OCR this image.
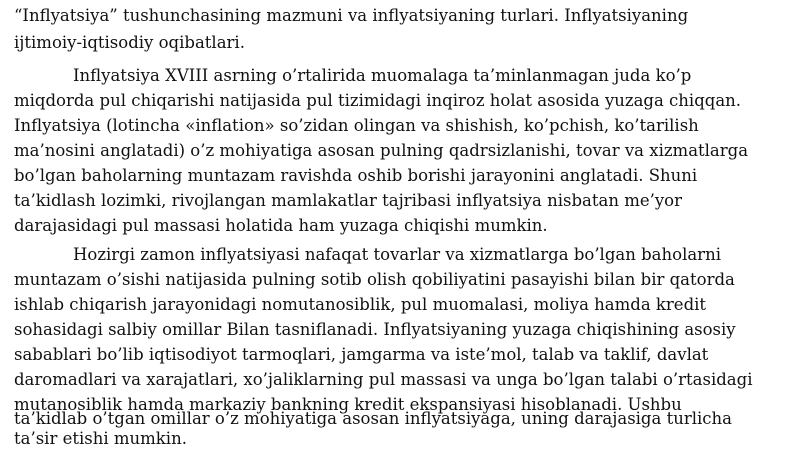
“Inflyatsiya” tushunchasining mazmuni va inflyatsiyaning turlari. Inflyatsiyaning
ijtimoiy-iqtisodiy oqibatlari.
Inflyatsiya XVIII asrning o’rtalirida muomalaga ta’minlanmagan juda ko’p
miqdorda pul chiqarishi natijasida pul tizimidagi inqiroz holat asosida yuzaga chiqqan.
Inflyatsiya (lotincha «inflation» so’zidan olingan va shishish, ko’pchish, ko’tarilish
ma’nosini anglatadi) o’z mohiyatiga asosan pulning qadrsizlanishi, tovar va xizmatlarga
bo’lgan baholarning muntazam ravishda oshib borishi jarayonini anglatadi. Shuni
ta’kidlash lozimki, rivojlangan mamlakatlar tajribasi inflyatsiya nisbatan me’yor
darajasidagi pul massasi holatida ham yuzaga chiqishi mumkin.
Hozirgi zamon inflyatsiyasi nafaqat tovarlar va xizmatlarga bo’lgan baholarni
muntazam o’sishi natijasida pulning sotib olish qobiliyatini pasayishi bilan bir qatorda
ishlab chiqarish jarayonidagi nomutanosiblik, pul muomalasi, moliya hamda kredit
sohasidagi salbiy omillar Bilan tasniflanadi. Inflyatsiyaning yuzaga chiqishining asosiy
sabablari bo’lib iqtisodiyot tarmoqlari, jamgarma va iste’mol, talab va taklif, davlat
daromadlari va xarajatlari, xo’jaliklarning pul massasi va unga bo’lgan talabi o’rtasidagi
mutanosiblik hamda markaziy bankning kredit ekspansiyasi hisoblanadi. Ushbu
ta’kidlab o’tgan omillar o’z mohiyatiga asosan inflyatsiyaga, uning darajasiga turlicha
ta’sir etishi mumkin.
